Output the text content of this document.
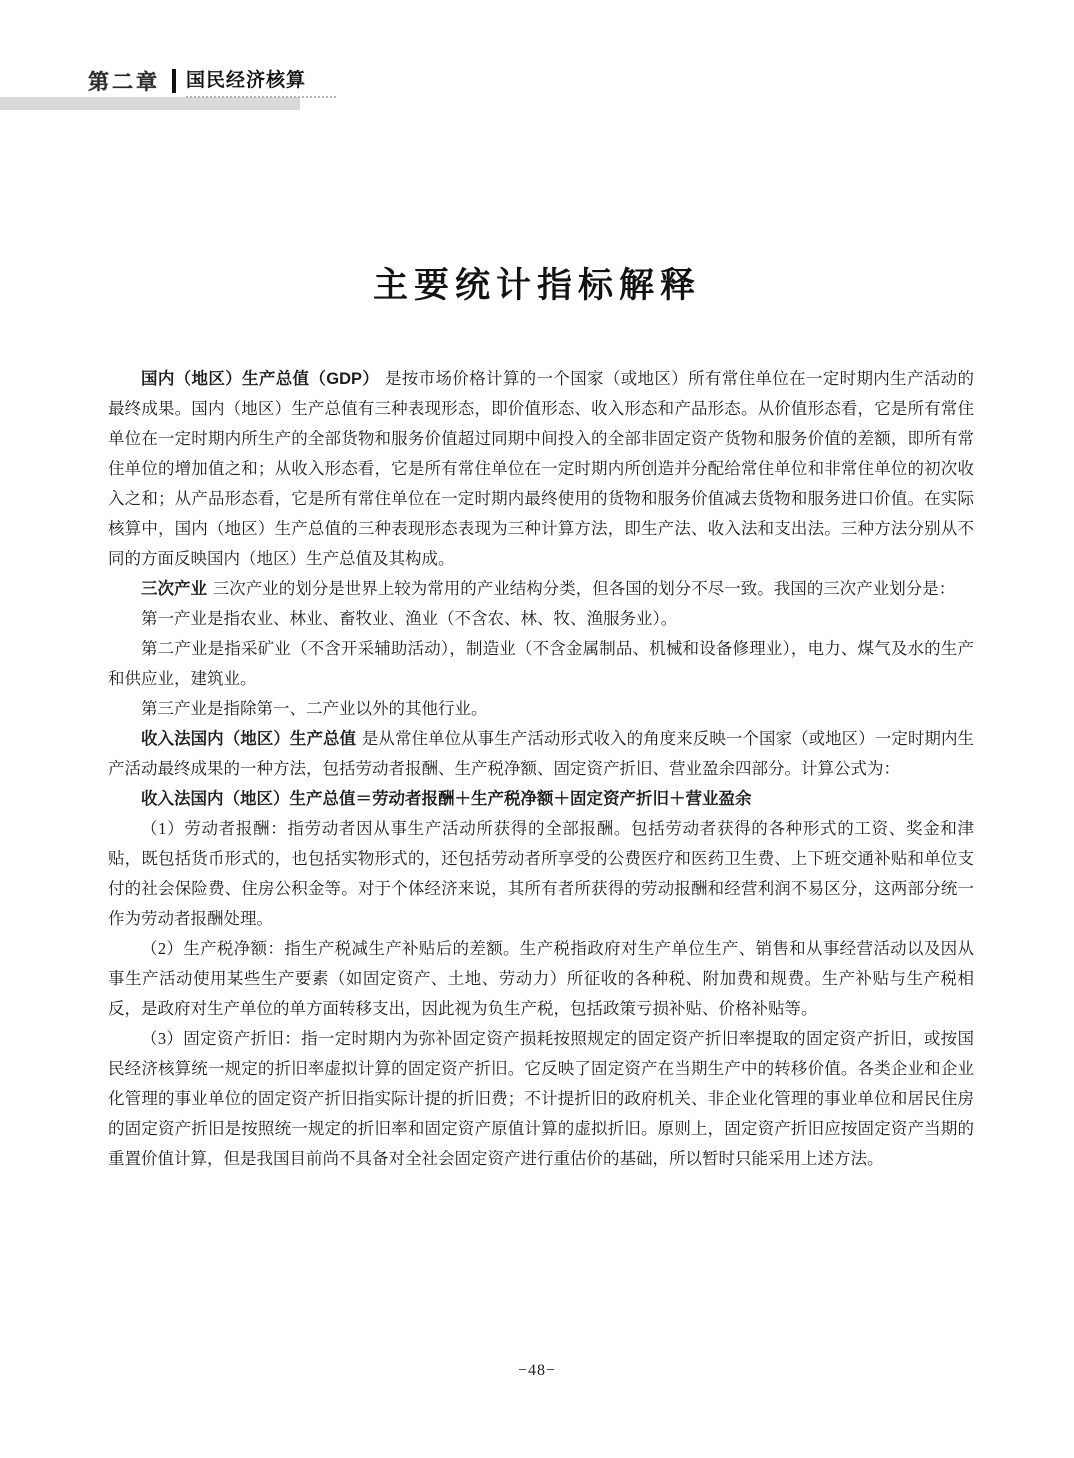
第二章	国民经济核算
主要统计指标解释

国内（地区）生产总值（GDP） 是按市场价格计算的一个国家（或地区）所有常住单位在一定时期内生产活动的最终成果。国内（地区）生产总值有三种表现形态，即价值形态、收入形态和产品形态。从价值形态看，它是所有常住单位在一定时期内所生产的全部货物和服务价值超过同期中间投入的全部非固定资产货物和服务价值的差额，即所有常住单位的增加值之和；从收入形态看，它是所有常住单位在一定时期内所创造并分配给常住单位和非常住单位的初次收入之和；从产品形态看，它是所有常住单位在一定时期内最终使用的货物和服务价值减去货物和服务进口价值。在实际核算中，国内（地区）生产总值的三种表现形态表现为三种计算方法，即生产法、收入法和支出法。三种方法分别从不同的方面反映国内（地区）生产总值及其构成。

三次产业 三次产业的划分是世界上较为常用的产业结构分类，但各国的划分不尽一致。我国的三次产业划分是：

第一产业是指农业、林业、畜牧业、渔业（不含农、林、牧、渔服务业）。

第二产业是指采矿业（不含开采辅助活动），制造业（不含金属制品、机械和设备修理业），电力、煤气及水的生产和供应业，建筑业。

第三产业是指除第一、二产业以外的其他行业。

收入法国内（地区）生产总值 是从常住单位从事生产活动形式收入的角度来反映一个国家（或地区）一定时期内生产活动最终成果的一种方法，包括劳动者报酬、生产税净额、固定资产折旧、营业盈余四部分。计算公式为：

收入法国内（地区）生产总值＝劳动者报酬＋生产税净额＋固定资产折旧＋营业盈余

（1）劳动者报酬：指劳动者因从事生产活动所获得的全部报酬。包括劳动者获得的各种形式的工资、奖金和津贴，既包括货币形式的，也包括实物形式的，还包括劳动者所享受的公费医疗和医药卫生费、上下班交通补贴和单位支付的社会保险费、住房公积金等。对于个体经济来说，其所有者所获得的劳动报酬和经营利润不易区分，这两部分统一作为劳动者报酬处理。

（2）生产税净额：指生产税减生产补贴后的差额。生产税指政府对生产单位生产、销售和从事经营活动以及因从事生产活动使用某些生产要素（如固定资产、土地、劳动力）所征收的各种税、附加费和规费。生产补贴与生产税相反，是政府对生产单位的单方面转移支出，因此视为负生产税，包括政策亏损补贴、价格补贴等。

（3）固定资产折旧：指一定时期内为弥补固定资产损耗按照规定的固定资产折旧率提取的固定资产折旧，或按国民经济核算统一规定的折旧率虚拟计算的固定资产折旧。它反映了固定资产在当期生产中的转移价值。各类企业和企业化管理的事业单位的固定资产折旧指实际计提的折旧费；不计提折旧的政府机关、非企业化管理的事业单位和居民住房的固定资产折旧是按照统一规定的折旧率和固定资产原值计算的虚拟折旧。原则上，固定资产折旧应按固定资产当期的重置价值计算，但是我国目前尚不具备对全社会固定资产进行重估价的基础，所以暂时只能采用上述方法。

−48−
